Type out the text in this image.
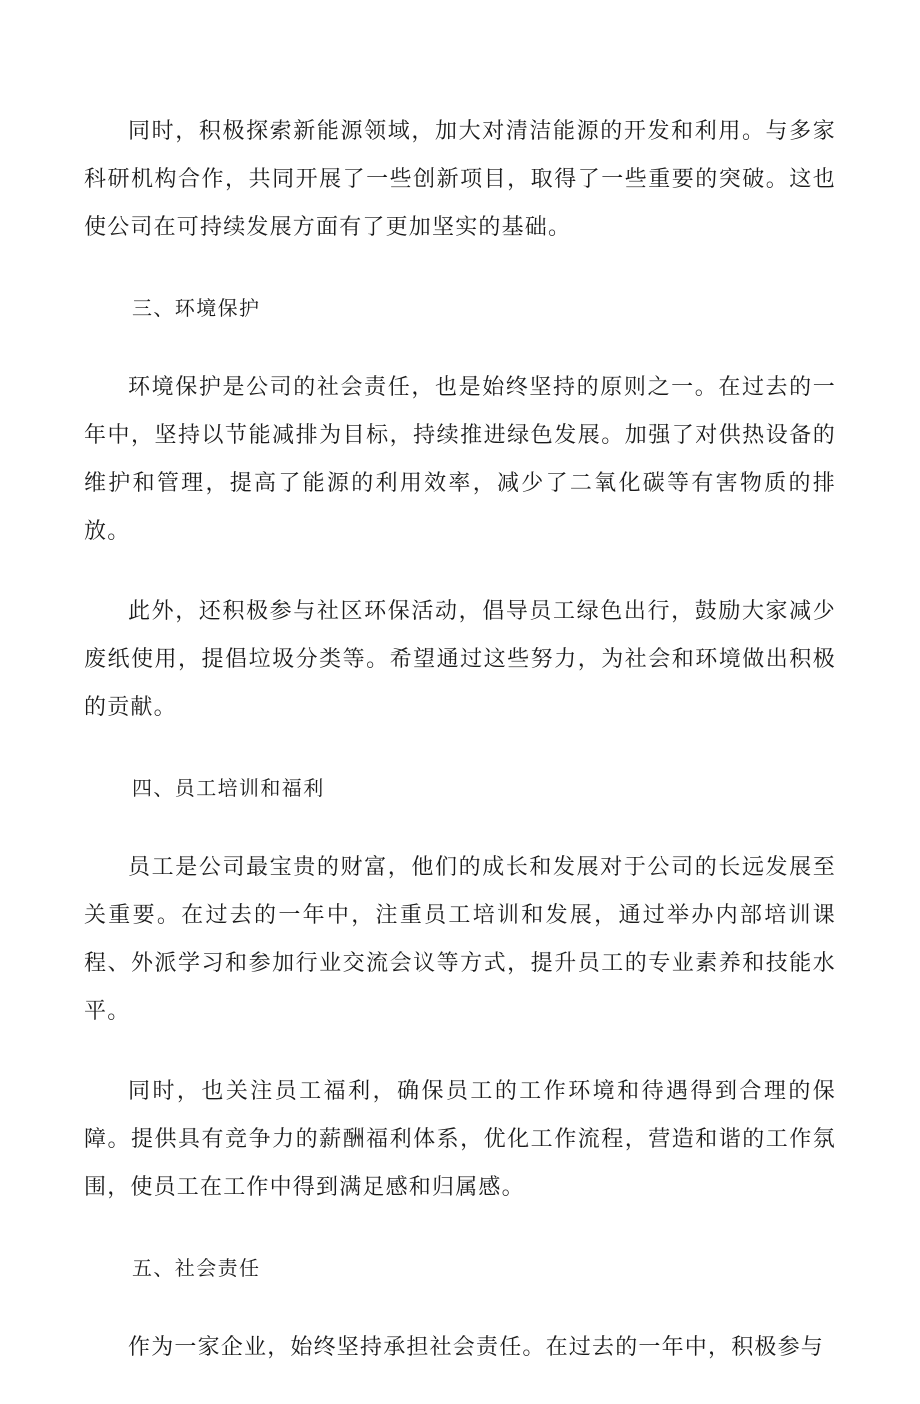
同时，积极探索新能源领域，加大对清洁能源的开发和利用。与多家科研机构合作，共同开展了一些创新项目，取得了一些重要的突破。这也使公司在可持续发展方面有了更加坚实的基础。

三、环境保护

环境保护是公司的社会责任，也是始终坚持的原则之一。在过去的一年中，坚持以节能减排为目标，持续推进绿色发展。加强了对供热设备的维护和管理，提高了能源的利用效率，减少了二氧化碳等有害物质的排放。

此外，还积极参与社区环保活动，倡导员工绿色出行，鼓励大家减少废纸使用，提倡垃圾分类等。希望通过这些努力，为社会和环境做出积极的贡献。

四、员工培训和福利

员工是公司最宝贵的财富，他们的成长和发展对于公司的长远发展至关重要。在过去的一年中，注重员工培训和发展，通过举办内部培训课程、外派学习和参加行业交流会议等方式，提升员工的专业素养和技能水平。

同时，也关注员工福利，确保员工的工作环境和待遇得到合理的保障。提供具有竞争力的薪酬福利体系，优化工作流程，营造和谐的工作氛围，使员工在工作中得到满足感和归属感。

五、社会责任

作为一家企业，始终坚持承担社会责任。在过去的一年中，积极参与
